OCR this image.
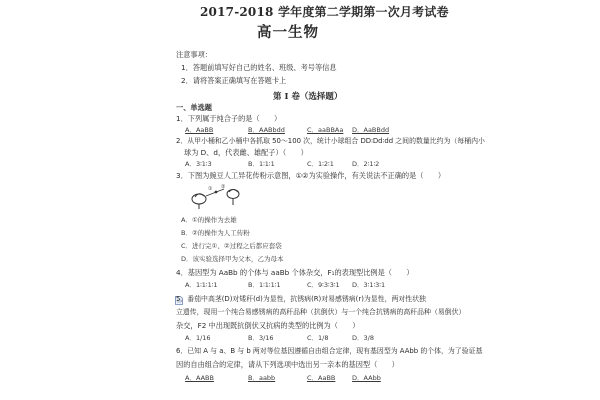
2017-2018 学年度第二学期第一次月考试卷
高一生物
注意事项：
1．答题前填写好自己的姓名、班级、考号等信息
2．请将答案正确填写在答题卡上
第 I 卷（选择题）
一、单选题
1．下列属于纯合子的是（　　）
A．AaBB	B．AABbdd	C．aaBBAa D．AaBBdd
2．从甲小桶和乙小桶中各抓取 50～100 次，统计小球组合 DD∶Dd∶dd 之间的数量比约为（每桶内小
球为 D、d，代表雌、雄配子）（　　）
A．3∶1∶3	B．1∶1∶1	C．1∶2∶1	D．2∶1∶2
3．下图为豌豆人工异花传粉示意图，①②为实验操作，有关说法不正确的是（　　）
① ②
A．①的操作为去雄
B．②的操作为人工传粉
C．进行完①、②过程之后都应套袋
D．该实验选择甲为父本，乙为母本
4．基因型为 AaBb 的个体与 aaBb 个体杂交，F₁的表现型比例是（　　）
A．1∶1∶1∶1	B．1∶1∶1∶1	C．9∶3∶3∶1 D．3∶1∶3∶1
5．番茄中高茎(D)对矮秆(d)为显性，抗锈病(R)对易感锈病(r)为显性，两对性状独
立遗传，现用一个纯合易感锈病的高秆品种（抗倒伏）与一个纯合抗锈病的高秆品种（易倒伏）
杂交，F2 中出现既抗倒伏又抗病的类型的比例为（　　）
A．1/16	B．3/16	C．1/8	D．3/8
6．已知 A 与 a、B 与 b 两对等位基因遵循自由组合定律，现有基因型为 AAbb 的个体，为了验证基
因的自由组合的定律，请从下列选项中选出另一亲本的基因型（　　）
A．AABB	B．aabb	C．AaBB	D．AAbb
